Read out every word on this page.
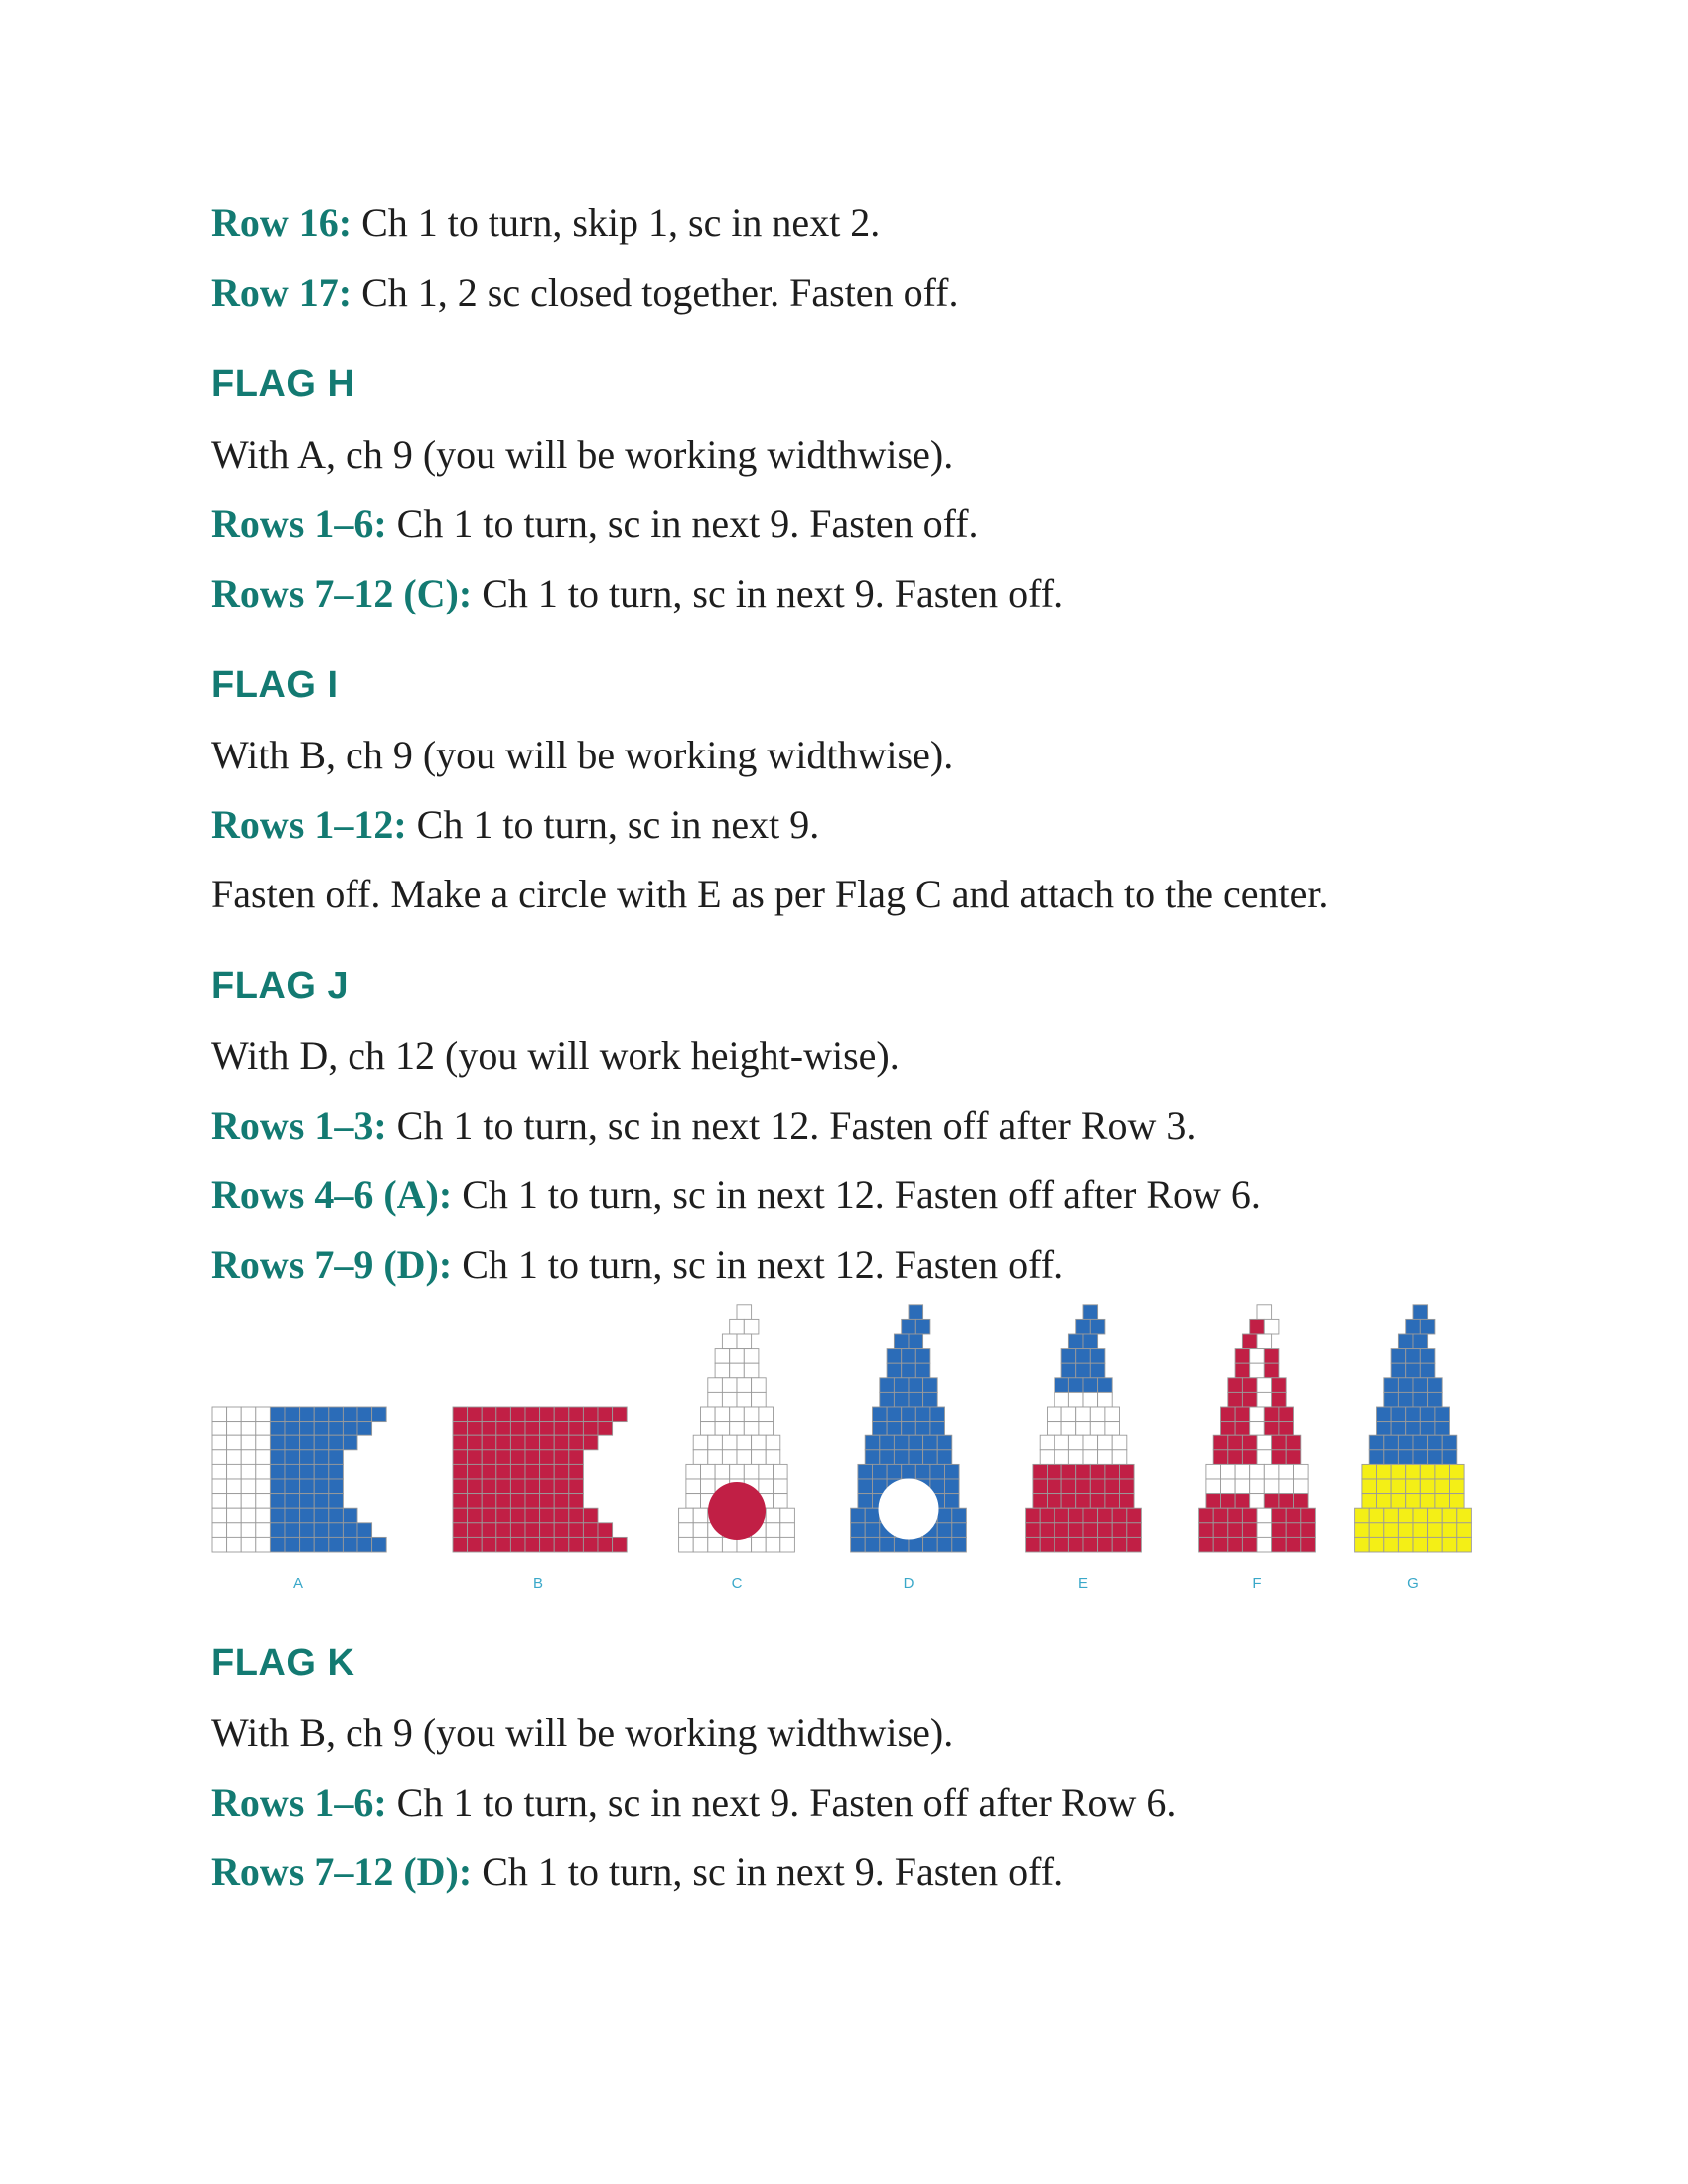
Row 16: Ch 1 to turn, skip 1, sc in next 2.
Row 17: Ch 1, 2 sc closed together. Fasten off.
FLAG H
With A, ch 9 (you will be working widthwise).
Rows 1–6: Ch 1 to turn, sc in next 9. Fasten off.
Rows 7–12 (C): Ch 1 to turn, sc in next 9. Fasten off.
FLAG I
With B, ch 9 (you will be working widthwise).
Rows 1–12: Ch 1 to turn, sc in next 9.
Fasten off. Make a circle with E as per Flag C and attach to the center.
FLAG J
With D, ch 12 (you will work height-wise).
Rows 1–3: Ch 1 to turn, sc in next 12. Fasten off after Row 3.
Rows 4–6 (A): Ch 1 to turn, sc in next 12. Fasten off after Row 6.
Rows 7–9 (D): Ch 1 to turn, sc in next 12. Fasten off.
FLAG K
With B, ch 9 (you will be working widthwise).
Rows 1–6: Ch 1 to turn, sc in next 9. Fasten off after Row 6.
Rows 7–12 (D): Ch 1 to turn, sc in next 9. Fasten off.
A	B	C	D	E	F	G
